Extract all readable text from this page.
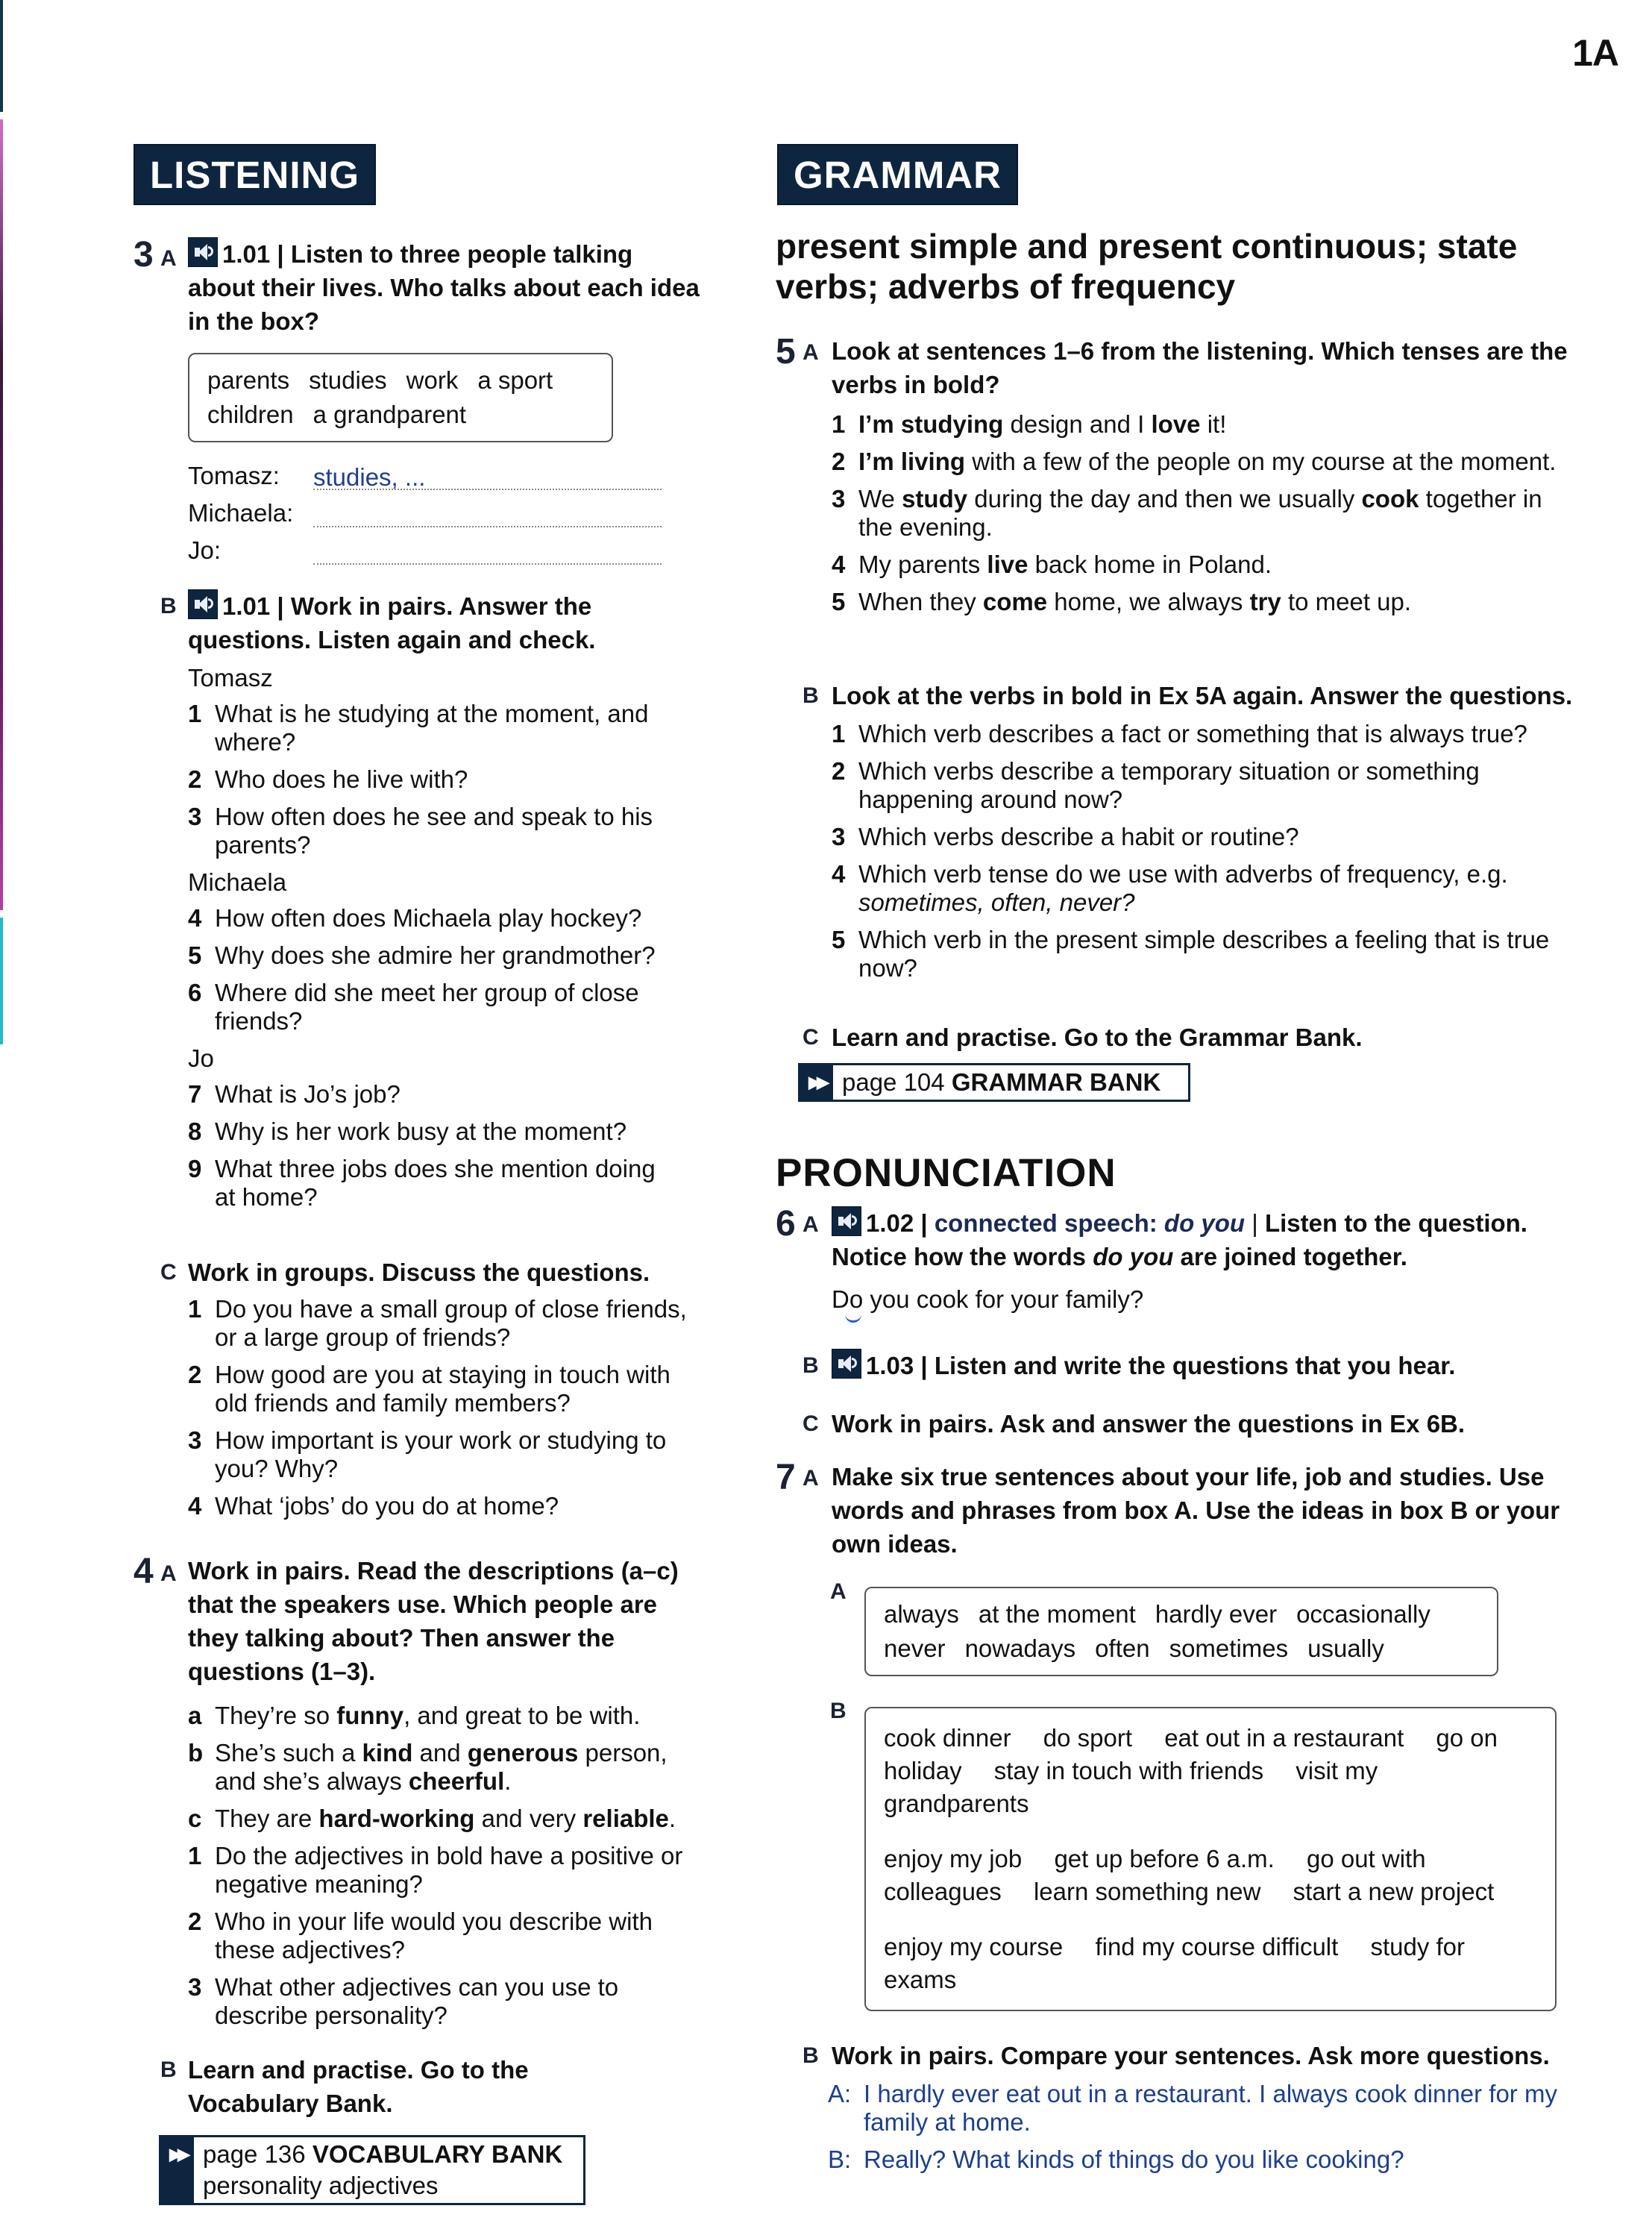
1A
LISTENING
3 A	1.01 | Listen to three people talking about their lives. Who talks about each idea in the box?
parents studies work a sport
children a grandparent
Tomasz:	studies, ...
Michaela:
Jo:
B	1.01 | Work in pairs. Answer the questions. Listen again and check.
Tomasz
1 What is he studying at the moment, and where?
2 Who does he live with?
3 How often does he see and speak to his parents?
Michaela
4 How often does Michaela play hockey?
5 Why does she admire her grandmother?
6 Where did she meet her group of close friends?
Jo
7 What is Jo’s job?
8 Why is her work busy at the moment?
9 What three jobs does she mention doing at home?
C Work in groups. Discuss the questions.
1 Do you have a small group of close friends, or a large group of friends?
2 How good are you at staying in touch with old friends and family members?
3 How important is your work or studying to you? Why?
4 What ‘jobs’ do you do at home?
4 A Work in pairs. Read the descriptions (a–c) that the speakers use. Which people are they talking about? Then answer the questions (1–3).
a They’re so funny, and great to be with.
b She’s such a kind and generous person, and she’s always cheerful.
c They are hard-working and very reliable.
1 Do the adjectives in bold have a positive or negative meaning?
2 Who in your life would you describe with these adjectives?
3 What other adjectives can you use to describe personality?
B Learn and practise. Go to the Vocabulary Bank.
▶▶ page 136 VOCABULARY BANK
personality adjectives
GRAMMAR
present simple and present continuous; state verbs; adverbs of frequency
5 A Look at sentences 1–6 from the listening. Which tenses are the verbs in bold?
1 I’m studying design and I love it!
2 I’m living with a few of the people on my course at the moment.
3 We study during the day and then we usually cook together in the evening.
4 My parents live back home in Poland.
5 When they come home, we always try to meet up.
B Look at the verbs in bold in Ex 5A again. Answer the questions.
1 Which verb describes a fact or something that is always true?
2 Which verbs describe a temporary situation or something happening around now?
3 Which verbs describe a habit or routine?
4 Which verb tense do we use with adverbs of frequency, e.g. sometimes, often, never?
5 Which verb in the present simple describes a feeling that is true now?
C Learn and practise. Go to the Grammar Bank.
▶▶ page 104 GRAMMAR BANK
PRONUNCIATION
6 A	1.02 | connected speech: do you | Listen to the question.
Notice how the words do you are joined together.
Do you cook for your family?
B	1.03 | Listen and write the questions that you hear.
C Work in pairs. Ask and answer the questions in Ex 6B.
7 A Make six true sentences about your life, job and studies. Use words and phrases from box A. Use the ideas in box B or your own ideas.
A
always at the moment hardly ever occasionally
never nowadays often sometimes usually
B
cook dinner do sport eat out in a restaurant go on holiday stay in touch with friends visit my grandparents
enjoy my job get up before 6 a.m. go out with colleagues learn something new start a new project
enjoy my course find my course difficult study for exams
B Work in pairs. Compare your sentences. Ask more questions.
A: I hardly ever eat out in a restaurant. I always cook dinner for my family at home.
B: Really? What kinds of things do you like cooking?
